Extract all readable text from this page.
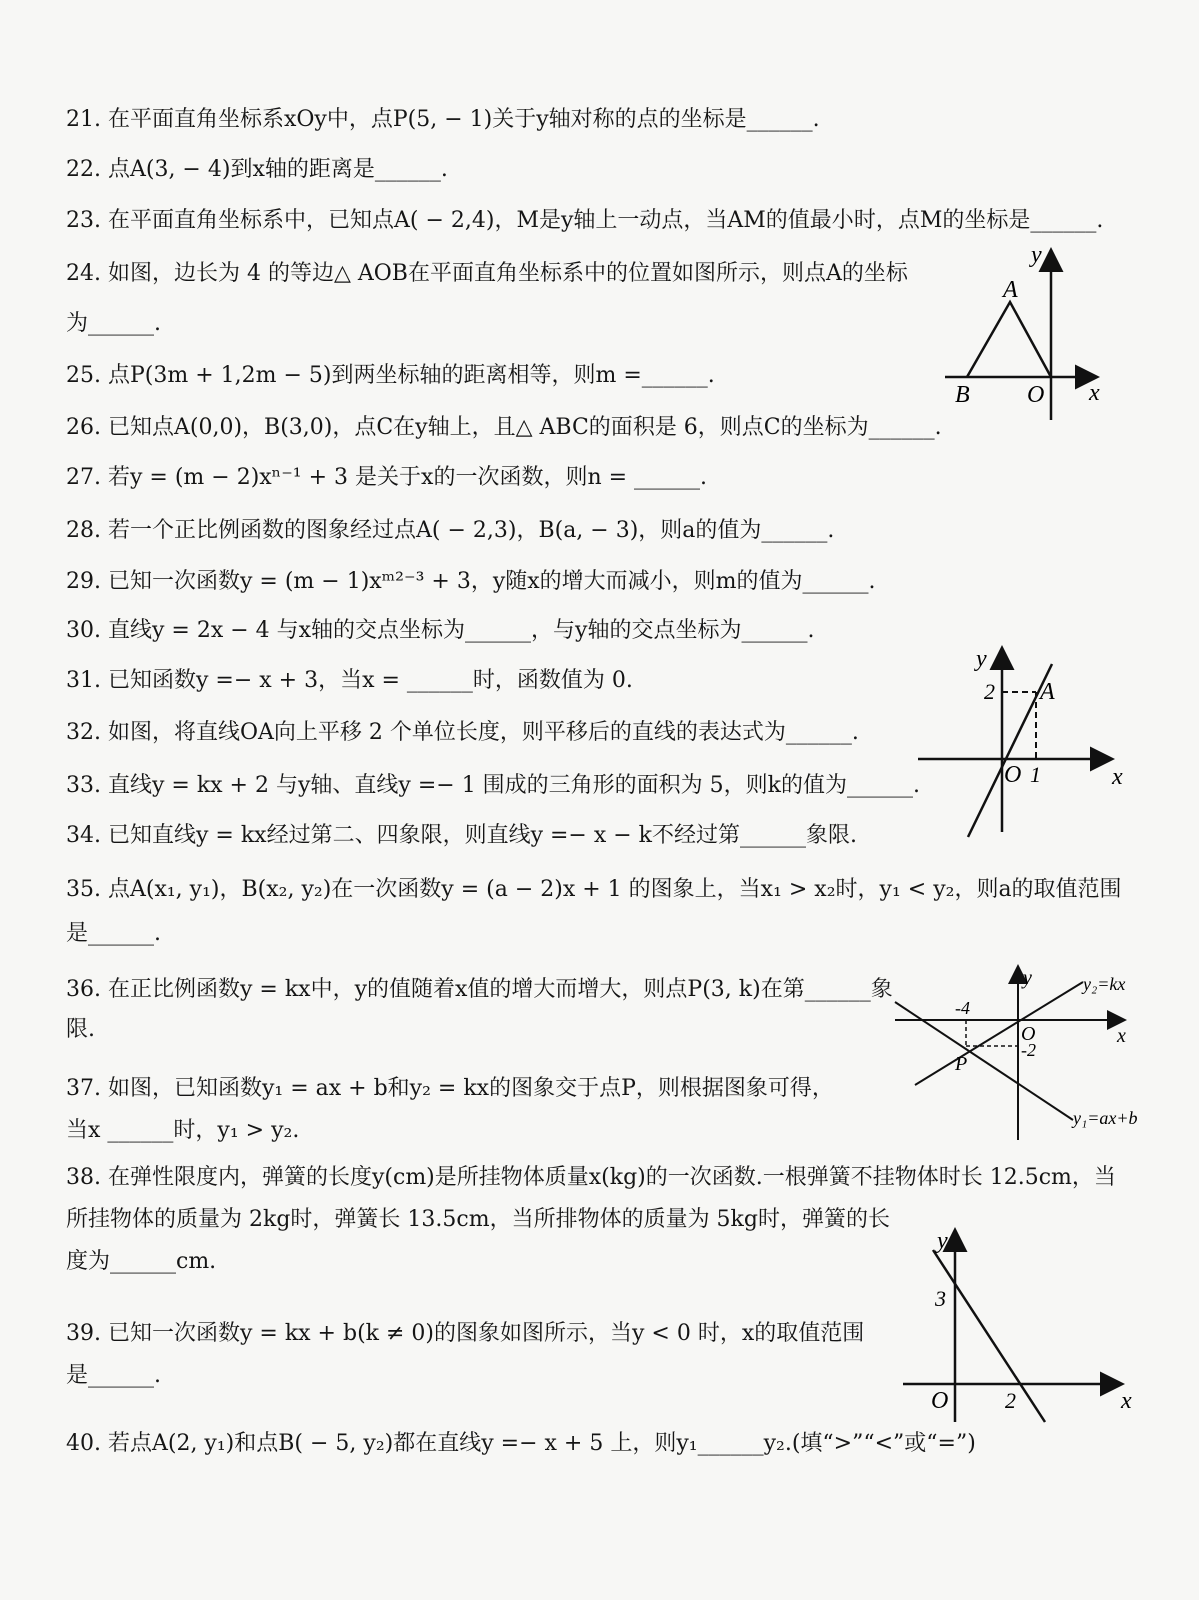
21. 在平面直角坐标系xOy中，点P(5, − 1)关于y轴对称的点的坐标是______.
22. 点A(3, − 4)到x轴的距离是______.
23. 在平面直角坐标系中，已知点A( − 2,4)，M是y轴上一动点，当AM的值最小时，点M的坐标是______.
24. 如图，边长为 4 的等边△ AOB在平面直角坐标系中的位置如图所示，则点A的坐标
为______.
25. 点P(3m + 1,2m − 5)到两坐标轴的距离相等，则m =______.
26. 已知点A(0,0)，B(3,0)，点C在y轴上，且△ ABC的面积是 6，则点C的坐标为______.
27. 若y = (m − 2)xⁿ⁻¹ + 3 是关于x的一次函数，则n = ______.
28. 若一个正比例函数的图象经过点A( − 2,3)，B(a, − 3)，则a的值为______.
29. 已知一次函数y = (m − 1)xᵐ²⁻³ + 3，y随x的增大而减小，则m的值为______.
30. 直线y = 2x − 4 与x轴的交点坐标为______，与y轴的交点坐标为______.
31. 已知函数y =− x + 3，当x = ______时，函数值为 0.
32. 如图，将直线OA向上平移 2 个单位长度，则平移后的直线的表达式为______.
33. 直线y = kx + 2 与y轴、直线y =− 1 围成的三角形的面积为 5，则k的值为______.
34. 已知直线y = kx经过第二、四象限，则直线y =− x − k不经过第______象限.
35. 点A(x₁, y₁)，B(x₂, y₂)在一次函数y = (a − 2)x + 1 的图象上，当x₁ > x₂时，y₁ < y₂，则a的取值范围
是______.
36. 在正比例函数y = kx中，y的值随着x值的增大而增大，则点P(3, k)在第______象
限.
37. 如图，已知函数y₁ = ax + b和y₂ = kx的图象交于点P，则根据图象可得，
当x ______时，y₁ > y₂.
38. 在弹性限度内，弹簧的长度y(cm)是所挂物体质量x(kg)的一次函数.一根弹簧不挂物体时长 12.5cm，当
所挂物体的质量为 2kg时，弹簧长 13.5cm，当所排物体的质量为 5kg时，弹簧的长
度为______cm.
39. 已知一次函数y = kx + b(k ≠ 0)的图象如图所示，当y < 0 时，x的取值范围
是______.
40. 若点A(2, y₁)和点B( − 5, y₂)都在直线y =− x + 5 上，则y₁______y₂.(填“>”“<”或“=”)
y
A
B O x
y
2 A
O 1	x
y	y₂=kx
-4
O	x
-2
P
y₁=ax+b
y
3
O	2	x
